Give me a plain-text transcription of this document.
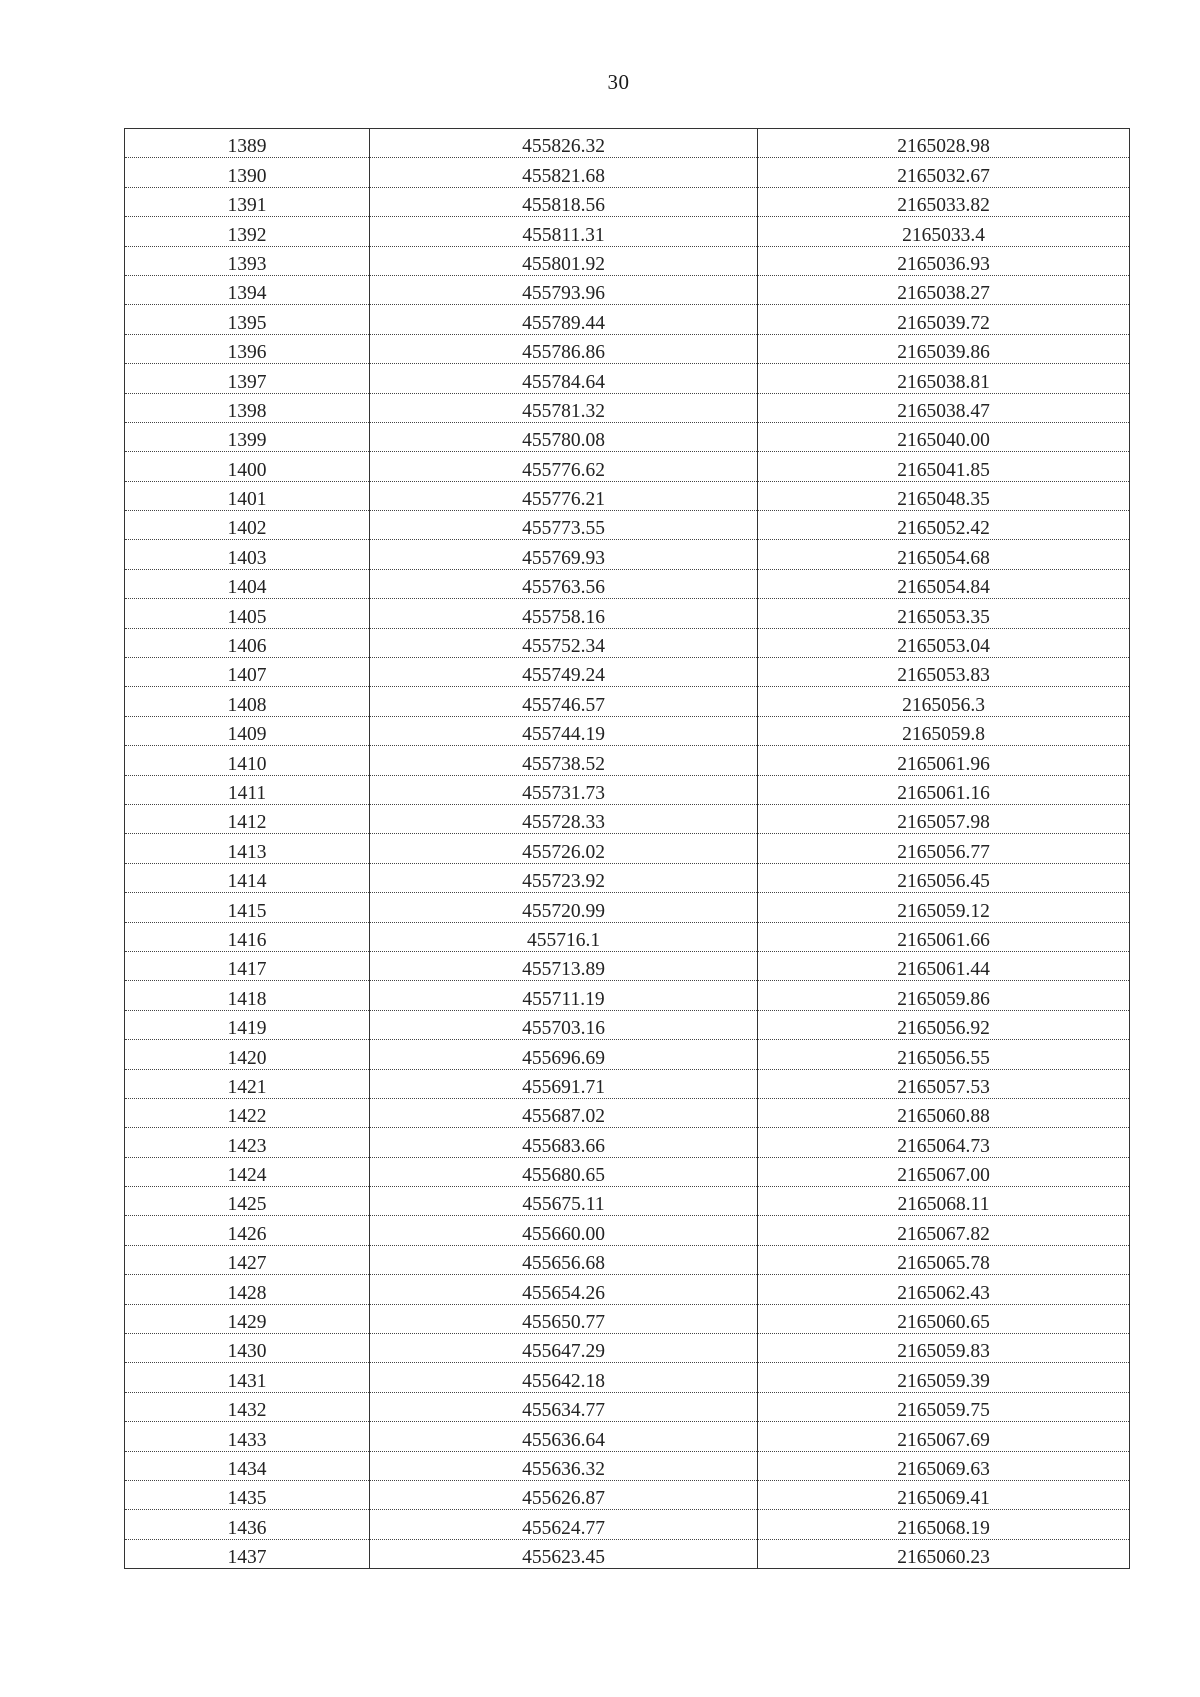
30
1389	455826.32	2165028.98
1390	455821.68	2165032.67
1391	455818.56	2165033.82
1392	455811.31	2165033.4
1393	455801.92	2165036.93
1394	455793.96	2165038.27
1395	455789.44	2165039.72
1396	455786.86	2165039.86
1397	455784.64	2165038.81
1398	455781.32	2165038.47
1399	455780.08	2165040.00
1400	455776.62	2165041.85
1401	455776.21	2165048.35
1402	455773.55	2165052.42
1403	455769.93	2165054.68
1404	455763.56	2165054.84
1405	455758.16	2165053.35
1406	455752.34	2165053.04
1407	455749.24	2165053.83
1408	455746.57	2165056.3
1409	455744.19	2165059.8
1410	455738.52	2165061.96
1411	455731.73	2165061.16
1412	455728.33	2165057.98
1413	455726.02	2165056.77
1414	455723.92	2165056.45
1415	455720.99	2165059.12
1416	455716.1	2165061.66
1417	455713.89	2165061.44
1418	455711.19	2165059.86
1419	455703.16	2165056.92
1420	455696.69	2165056.55
1421	455691.71	2165057.53
1422	455687.02	2165060.88
1423	455683.66	2165064.73
1424	455680.65	2165067.00
1425	455675.11	2165068.11
1426	455660.00	2165067.82
1427	455656.68	2165065.78
1428	455654.26	2165062.43
1429	455650.77	2165060.65
1430	455647.29	2165059.83
1431	455642.18	2165059.39
1432	455634.77	2165059.75
1433	455636.64	2165067.69
1434	455636.32	2165069.63
1435	455626.87	2165069.41
1436	455624.77	2165068.19
1437	455623.45	2165060.23
